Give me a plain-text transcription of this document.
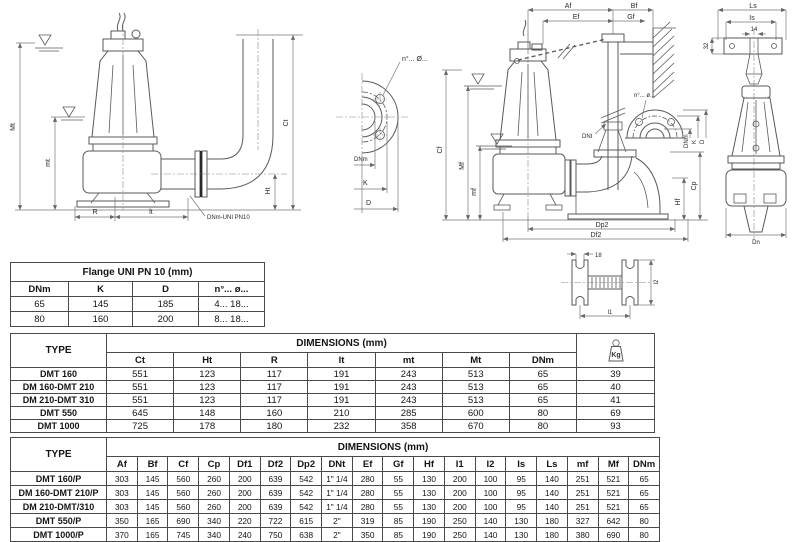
Mt
mt
Ct
Ht
R	lt
DNm-UNI PN10
n°... Ø...
DNm
K
D
Af	Bf
Ef	Gf
Cf
Mf
mf
n°... ø...
DNm K D
DNt
Cp
Hf
Dp2
Df2
Ls
Is
14
32
Dn
18
l1
l2
Flange UNI PN 10 (mm)			
DNm	K	D	n°... ø...
65	145	185	4... 18...
80	160	200	8... 18...
TYPE	DIMENSIONS (mm)							Kg

	Ct	Ht	R	lt	mt	Mt	DNm	
DMT 160	551	123	117	191	243	513	65	39
DM 160-DMT 210	551	123	117	191	243	513	65	40
DM 210-DMT 310	551	123	117	191	243	513	65	41
DMT 550	645	148	160	210	285	600	80	69
DMT 1000	725	178	180	232	358	670	80	93
TYPE	DIMENSIONS (mm)																	
	Af	Bf	Cf	Cp	Df1	Df2	Dp2	DNt	Ef	Gf	Hf	I1	I2	Is	Ls	mf	Mf	DNm
DMT 160/P	303	145	560	260	200	639	542	1" 1/4	280	55	130	200	100	95	140	251	521	65
DM 160-DMT 210/P	303	145	560	260	200	639	542	1" 1/4	280	55	130	200	100	95	140	251	521	65
DM 210-DMT/310	303	145	560	260	200	639	542	1" 1/4	280	55	130	200	100	95	140	251	521	65
DMT 550/P	350	165	690	340	220	722	615	2"	319	85	190	250	140	130	180	327	642	80
DMT 1000/P	370	165	745	340	240	750	638	2"	350	85	190	250	140	130	180	380	690	80
